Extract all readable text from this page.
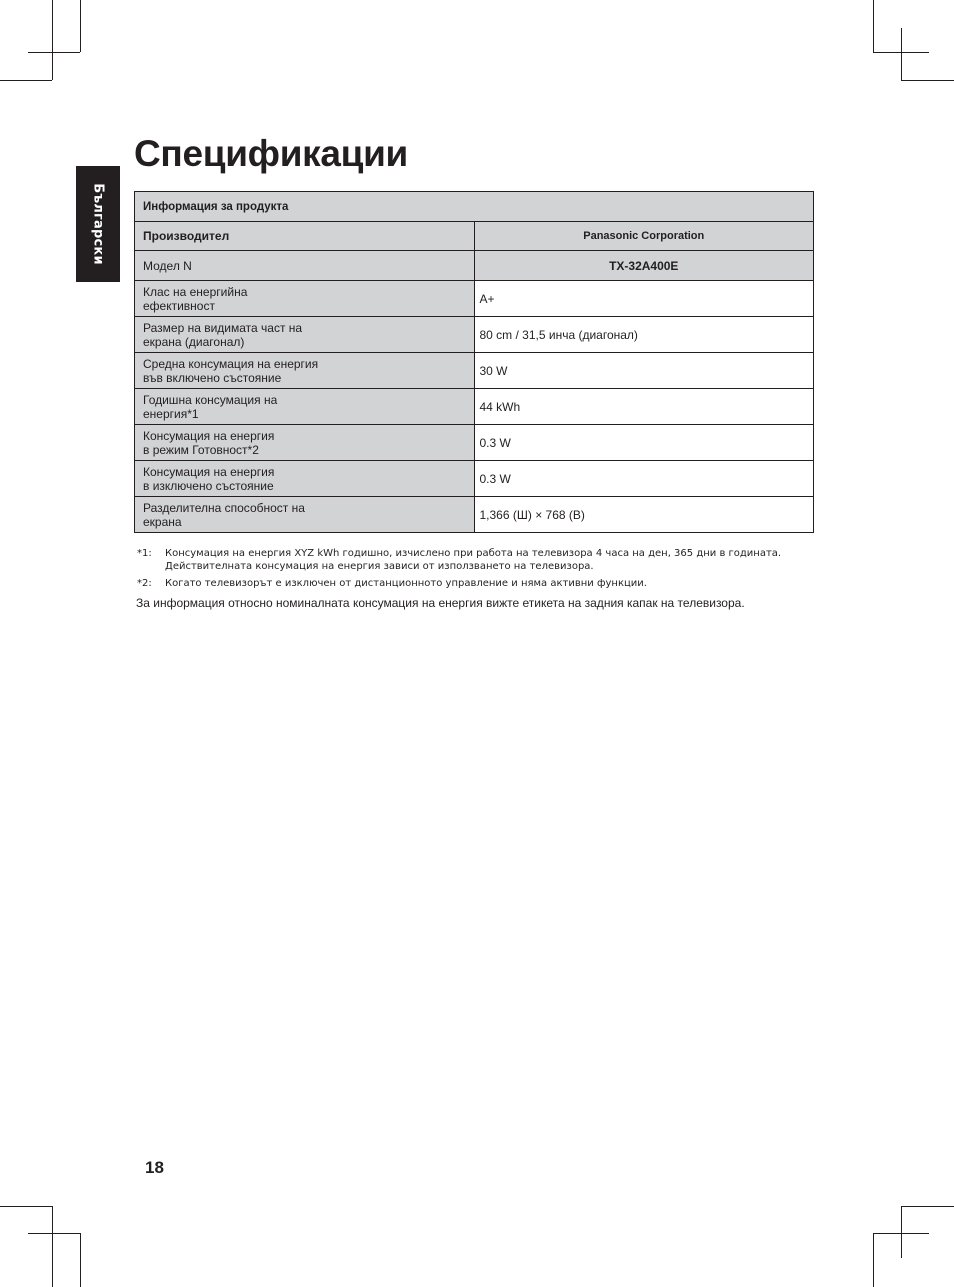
Български
Спецификации
Информация за продукта	
Производител	Panasonic Corporation
Модел N	TX-32A400E
Клас на енергийна
ефективност	A+
Размер на видимата част на
екрана (диагонал)	80 cm / 31,5 инча (диагонал)
Средна консумация на енергия
във включено състояние	30 W
Годишна консумация на
енергия*1	44 kWh
Консумация на енергия
в режим Готовност*2	0.3 W
Консумация на енергия
в изключено състояние	0.3 W
Разделителна способност на
екрана	1,366 (Ш) × 768 (В)
*1:	Консумация на енергия XYZ kWh годишно, изчислено при работа на телевизора 4 часа на ден, 365 дни в годината.
Действителната консумация на енергия зависи от използването на телевизора.
*2:	Когато телевизорът е изключен от дистанционното управление и няма активни функции.
За информация относно номиналната консумация на енергия вижте етикета на задния капак на телевизора.
18
